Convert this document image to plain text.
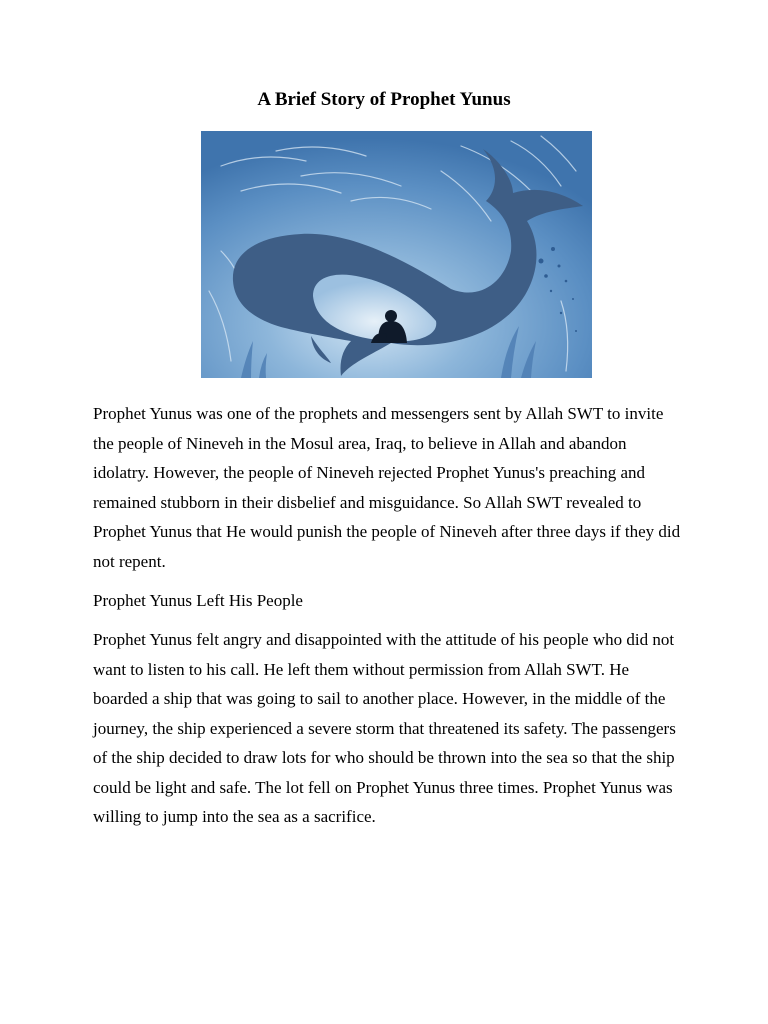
A Brief Story of Prophet Yunus

Prophet Yunus was one of the prophets and messengers sent by Allah SWT to invite the people of Nineveh in the Mosul area, Iraq, to believe in Allah and abandon idolatry. However, the people of Nineveh rejected Prophet Yunus's preaching and remained stubborn in their disbelief and misguidance. So Allah SWT revealed to Prophet Yunus that He would punish the people of Nineveh after three days if they did not repent.

Prophet Yunus Left His People

Prophet Yunus felt angry and disappointed with the attitude of his people who did not want to listen to his call. He left them without permission from Allah SWT. He boarded a ship that was going to sail to another place. However, in the middle of the journey, the ship experienced a severe storm that threatened its safety. The passengers of the ship decided to draw lots for who should be thrown into the sea so that the ship could be light and safe. The lot fell on Prophet Yunus three times. Prophet Yunus was willing to jump into the sea as a sacrifice.
